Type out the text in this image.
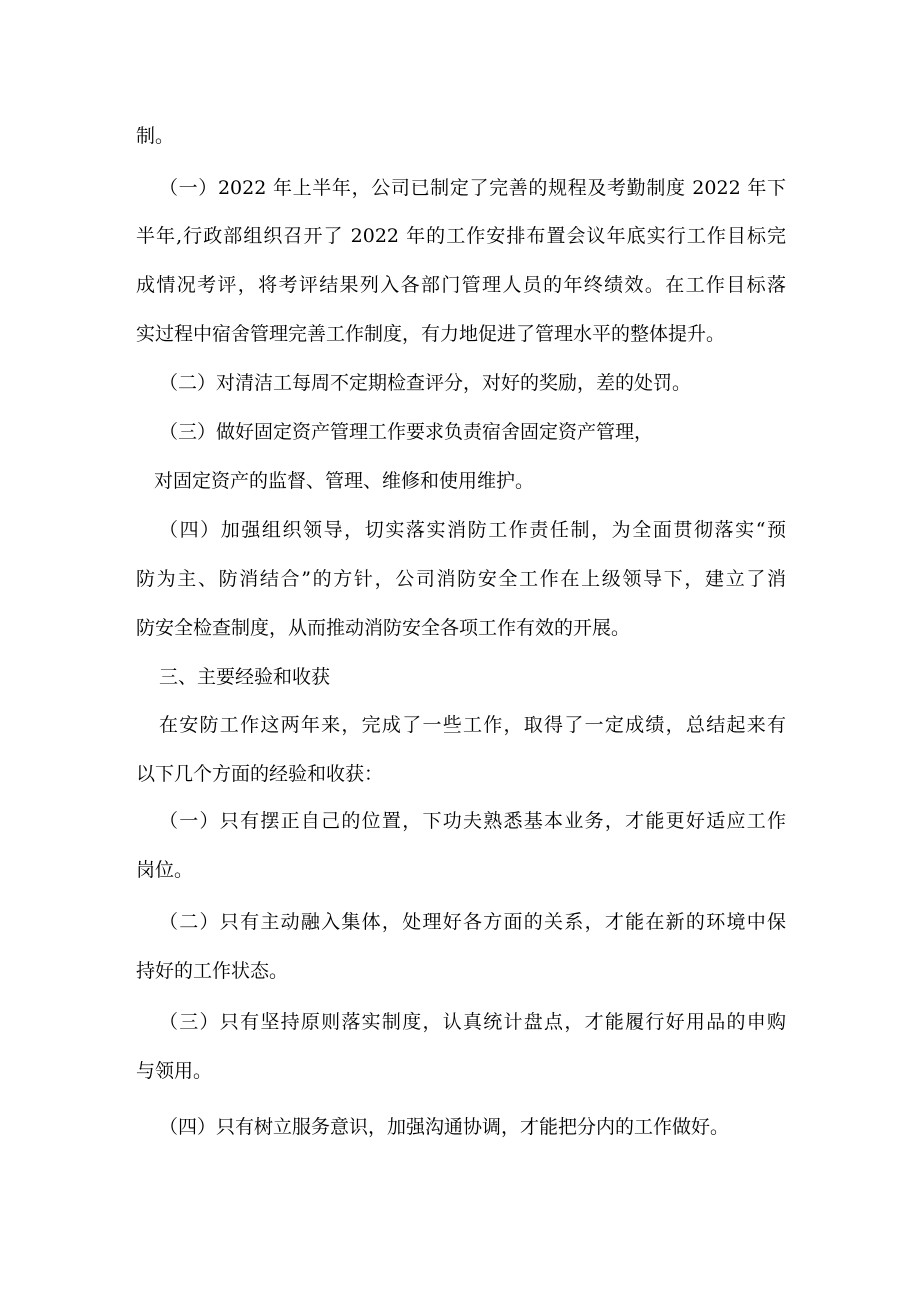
制。
（一）2022 年上半年，公司已制定了完善的规程及考勤制度 2022 年下
半年,行政部组织召开了 2022 年的工作安排布置会议年底实行工作目标完
成情况考评，将考评结果列入各部门管理人员的年终绩效。在工作目标落
实过程中宿舍管理完善工作制度，有力地促进了管理水平的整体提升。
（二）对清洁工每周不定期检查评分，对好的奖励，差的处罚。
（三）做好固定资产管理工作要求负责宿舍固定资产管理，
对固定资产的监督、管理、维修和使用维护。
（四）加强组织领导，切实落实消防工作责任制，为全面贯彻落实“预
防为主、防消结合”的方针，公司消防安全工作在上级领导下，建立了消
防安全检查制度，从而推动消防安全各项工作有效的开展。
三、主要经验和收获
在安防工作这两年来，完成了一些工作，取得了一定成绩，总结起来有
以下几个方面的经验和收获：
（一）只有摆正自己的位置，下功夫熟悉基本业务，才能更好适应工作
岗位。
（二）只有主动融入集体，处理好各方面的关系，才能在新的环境中保
持好的工作状态。
（三）只有坚持原则落实制度，认真统计盘点，才能履行好用品的申购
与领用。
（四）只有树立服务意识，加强沟通协调，才能把分内的工作做好。
